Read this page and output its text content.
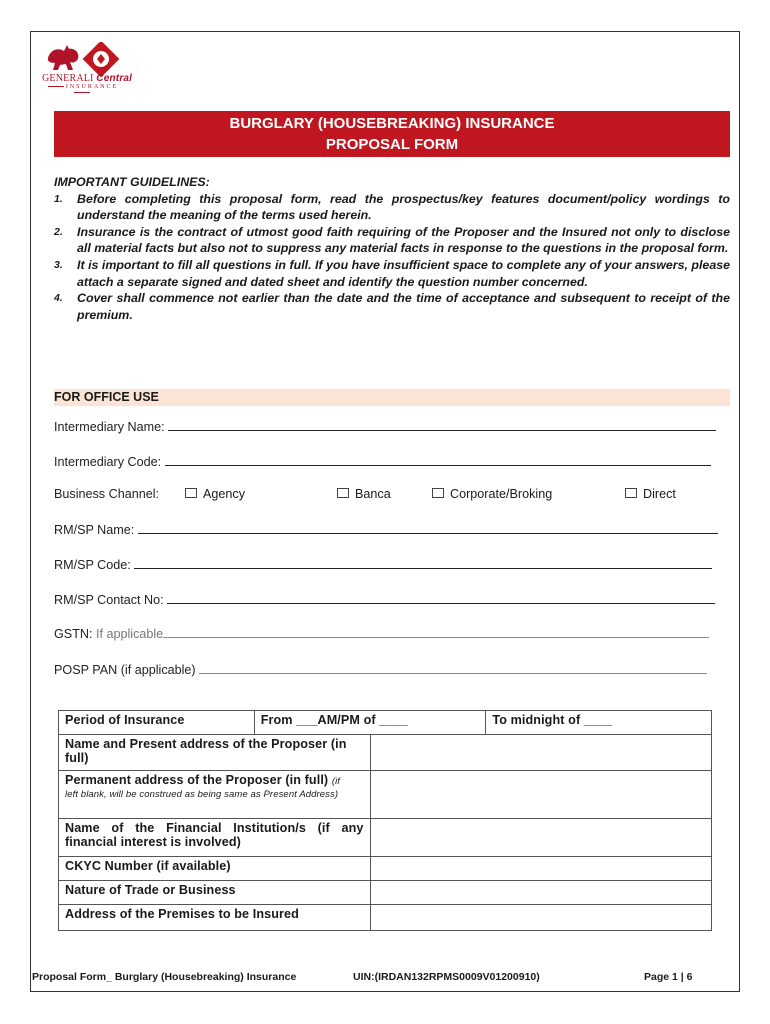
GENERALI Central
INSURANCE
BURGLARY (HOUSEBREAKING) INSURANCE
PROPOSAL FORM
IMPORTANT GUIDELINES:
1. Before completing this proposal form, read the prospectus/key features document/policy wordings to understand the meaning of the terms used herein.
2. Insurance is the contract of utmost good faith requiring of the Proposer and the Insured not only to disclose all material facts but also not to suppress any material facts in response to the questions in the proposal form.
3. It is important to fill all questions in full. If you have insufficient space to complete any of your answers, please attach a separate signed and dated sheet and identify the question number concerned.
4. Cover shall commence not earlier than the date and the time of acceptance and subsequent to receipt of the premium.
FOR OFFICE USE
Intermediary Name:
Intermediary Code:
Business Channel:	Agency	Banca	Corporate/Broking	Direct
RM/SP Name:
RM/SP Code:
RM/SP Contact No:
GSTN: If applicable
POSP PAN (if applicable)
Period of Insurance	From ___AM/PM of ____		To midnight of ____
Name and Present address of the Proposer (in full)			
Permanent address of the Proposer (in full) (if
left blank, will be construed as being same as Present Address)			

Name of the Financial Institution/s (if any financial interest is involved)			
CKYC Number (if available)			
Nature of Trade or Business			
Address of the Premises to be Insured			
Proposal Form_ Burglary (Housebreaking) Insurance	UIN:(IRDAN132RPMS0009V01200910)	Page 1 | 6
